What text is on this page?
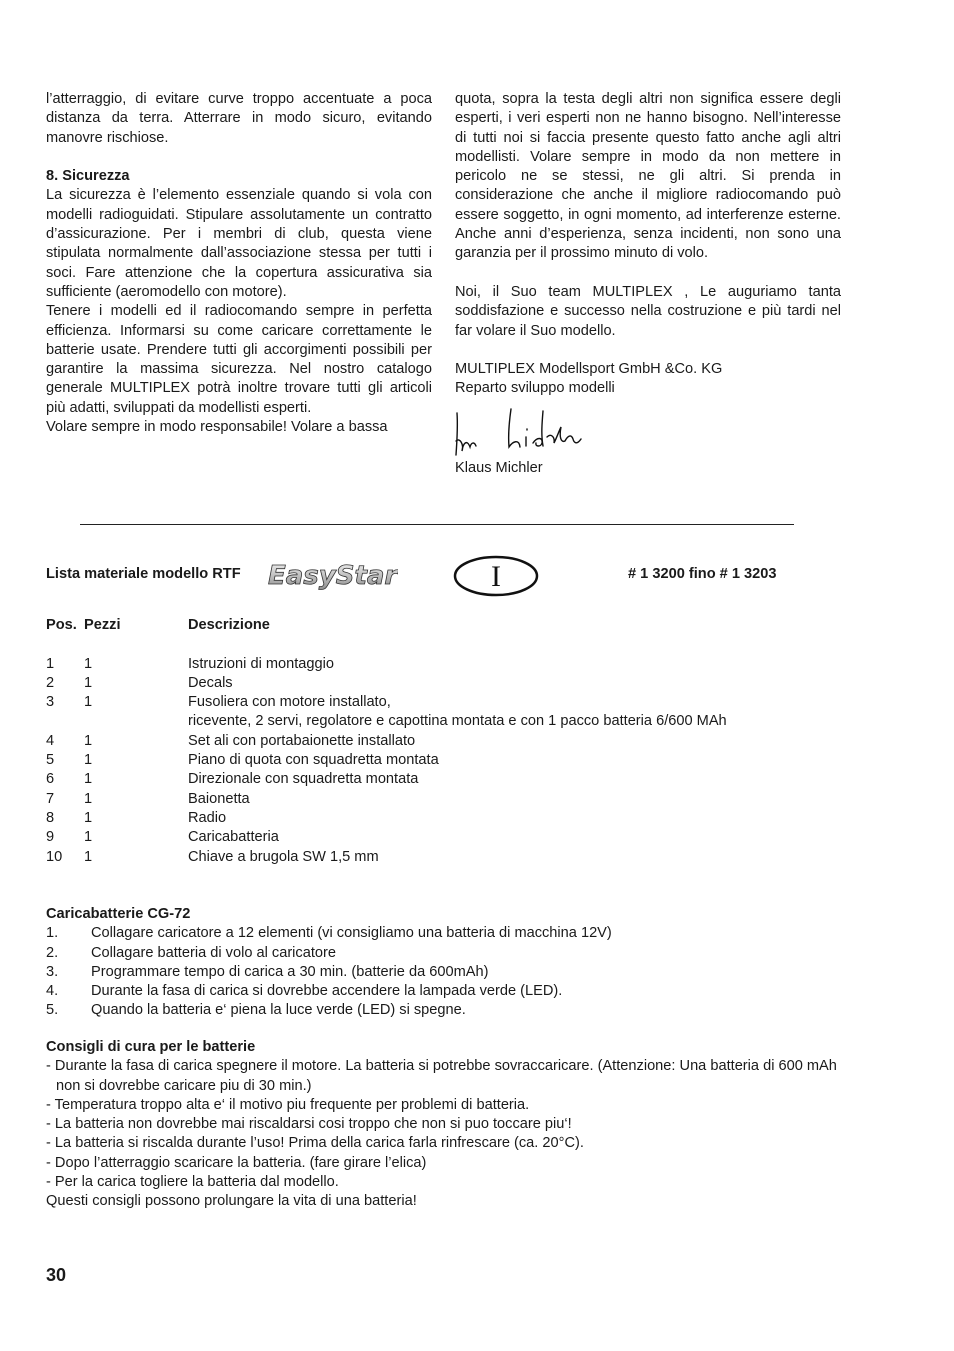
l’atterraggio, di evitare curve troppo accentuate a poca distanza da terra. Atterrare in modo sicuro, evitando manovre rischiose.

8. Sicurezza

La sicurezza è l’elemento essenziale quando si vola con modelli radioguidati. Stipulare assolutamente un contratto d’assicurazione. Per i membri di club, questa viene stipulata normalmente dall’associazione stessa per tutti i soci. Fare attenzione che la copertura assicurativa sia sufficiente (aeromodello con motore).

Tenere i modelli ed il radiocomando sempre in perfetta efficienza. Informarsi su come caricare correttamente le batterie usate. Prendere tutti gli accorgimenti possibili per garantire la massima sicurezza. Nel nostro catalogo generale MULTIPLEX potrà inoltre trovare tutti gli articoli più adatti, sviluppati da modellisti esperti.

Volare sempre in modo responsabile! Volare a bassa

quota, sopra la testa degli altri non significa essere degli esperti, i veri esperti non ne hanno bisogno. Nell’interesse di tutti noi si faccia presente questo fatto anche agli altri modellisti. Volare sempre in modo da non mettere in pericolo ne se stessi, ne gli altri. Si prenda in considerazione che anche il migliore radiocomando può essere soggetto, in ogni momento, ad interferenze esterne. Anche anni d’esperienza, senza incidenti, non sono una garanzia per il prossimo minuto di volo.

Noi, il Suo team MULTIPLEX , Le auguriamo tanta soddisfazione e successo nella costruzione e più tardi nel far volare il Suo modello.

MULTIPLEX Modellsport GmbH &Co. KG

Reparto sviluppo modelli

Klaus Michler

Lista materiale modello RTF EasyStar	I	# 1 3200 fino # 1 3203
Pos. Pezzi	Descrizione
1 1	Istruzioni di montaggio
2 1	Decals
3 1	Fusoliera con motore installato,
ricevente, 2 servi, regolatore e capottina montata e con 1 pacco batteria 6/600 MAh
4 1	Set ali con portabaionette installato
5 1	Piano di quota con squadretta montata
6 1	Direzionale con squadretta montata
7 1	Baionetta
8 1	Radio
9 1	Caricabatteria
10 1	Chiave a brugola SW 1,5 mm
Caricabatterie CG-72
1. Collagare caricatore a 12 elementi (vi consigliamo una batteria di macchina 12V)
2. Collagare batteria di volo al caricatore
3. Programmare tempo di carica a 30 min. (batterie da 600mAh)
4. Durante la fasa di carica si dovrebbe accendere la lampada verde (LED).
5. Quando la batteria e‘ piena la luce verde (LED) si spegne.
Consigli di cura per le batterie
- Durante la fasa di carica spegnere il motore. La batteria si potrebbe sovraccaricare. (Attenzione: Una batteria di 600 mAh non si dovrebbe caricare piu di 30 min.)
- Temperatura troppo alta e‘ il motivo piu frequente per problemi di batteria.
- La batteria non dovrebbe mai riscaldarsi cosi troppo che non si puo toccare piu‘!
- La batteria si riscalda durante l’uso! Prima della carica farla rinfrescare (ca. 20°C).
- Dopo l’atterraggio scaricare la batteria. (fare girare l’elica)
- Per la carica togliere la batteria dal modello.
Questi consigli possono prolungare la vita di una batteria!
30
